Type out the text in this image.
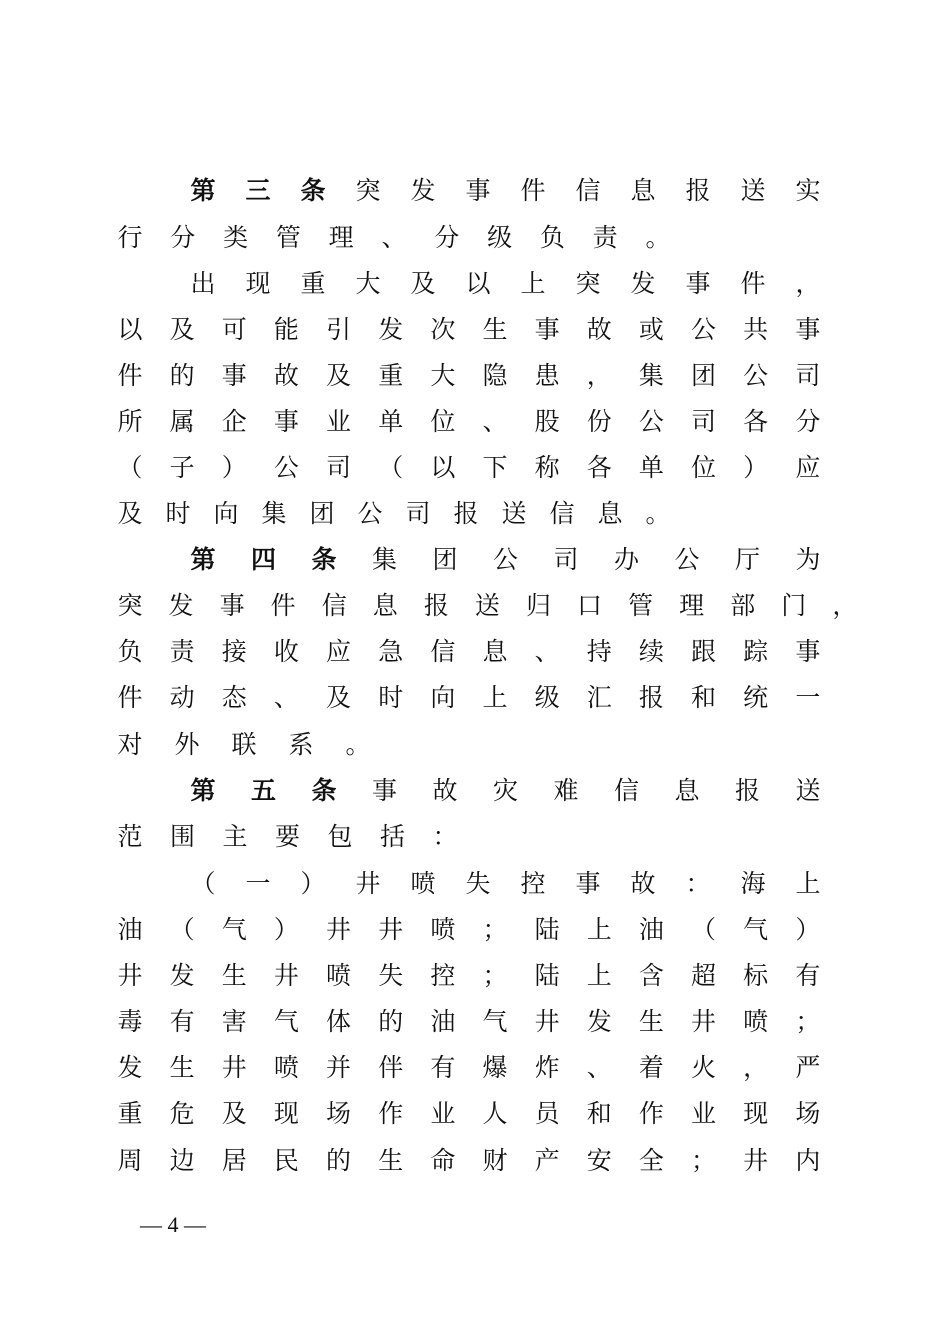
第 三 条 突 发 事 件 信 息 报 送 实
行 分 类 管 理 、 分 级 负 责 。
出 现 重 大 及 以 上 突 发 事 件 ，
以 及 可 能 引 发 次 生 事 故 或 公 共 事
件 的 事 故 及 重 大 隐 患 ， 集 团 公 司
所 属 企 事 业 单 位 、 股 份 公 司 各 分
（ 子 ） 公 司 （ 以 下 称 各 单 位 ） 应
及 时 向 集 团 公 司 报 送 信 息 。
第 四 条 集 团 公 司 办 公 厅 为
突 发 事 件 信 息 报 送 归 口 管 理 部 门 ，
负 责 接 收 应 急 信 息 、 持 续 跟 踪 事
件 动 态 、 及 时 向 上 级 汇 报 和 统 一
对 外 联 系 。
第 五 条 事 故 灾 难 信 息 报 送
范 围 主 要 包 括 ：
（ 一 ） 井 喷 失 控 事 故 ： 海 上
油 （ 气 ） 井 井 喷 ； 陆 上 油 （ 气 ）
井 发 生 井 喷 失 控 ； 陆 上 含 超 标 有
毒 有 害 气 体 的 油 气 井 发 生 井 喷 ；
发 生 井 喷 并 伴 有 爆 炸 、 着 火 ， 严
重 危 及 现 场 作 业 人 员 和 作 业 现 场
周 边 居 民 的 生 命 财 产 安 全 ； 井 内
— 4 —
